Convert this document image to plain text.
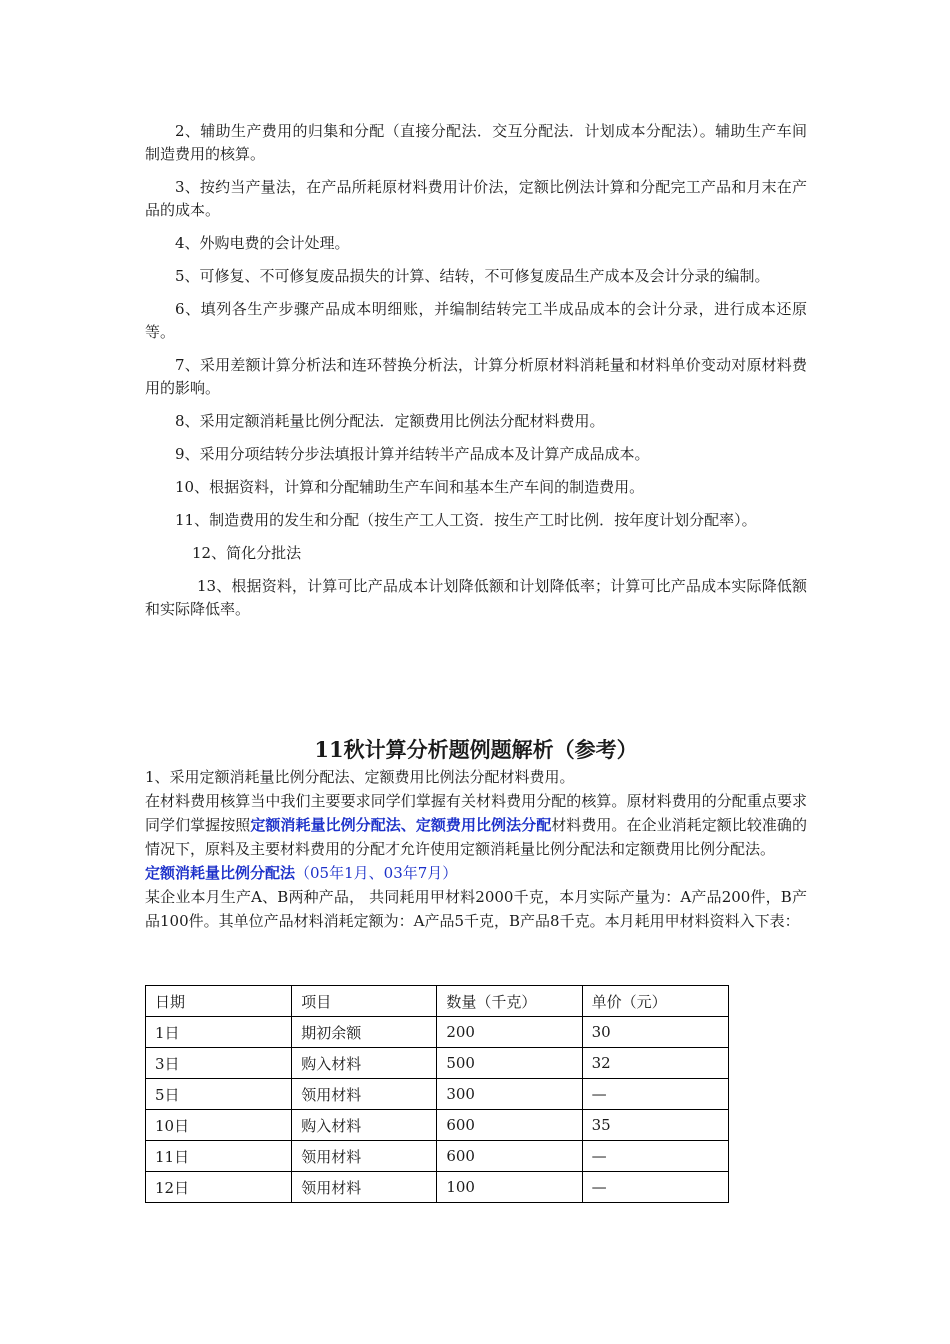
2、辅助生产费用的归集和分配（直接分配法．交互分配法．计划成本分配法）。辅助生产车间制造费用的核算。

3、按约当产量法，在产品所耗原材料费用计价法，定额比例法计算和分配完工产品和月末在产品的成本。

4、外购电费的会计处理。

5、可修复、不可修复废品损失的计算、结转，不可修复废品生产成本及会计分录的编制。

6、填列各生产步骤产品成本明细账，并编制结转完工半成品成本的会计分录，进行成本还原等。

7、采用差额计算分析法和连环替换分析法，计算分析原材料消耗量和材料单价变动对原材料费用的影响。

8、采用定额消耗量比例分配法．定额费用比例法分配材料费用。

9、采用分项结转分步法填报计算并结转半产品成本及计算产成品成本。

10、根据资料，计算和分配辅助生产车间和基本生产车间的制造费用。

11、制造费用的发生和分配（按生产工人工资．按生产工时比例．按年度计划分配率）。

12、简化分批法

13、根据资料，计算可比产品成本计划降低额和计划降低率；计算可比产品成本实际降低额和实际降低率。

11秋计算分析题例题解析（参考）

1、采用定额消耗量比例分配法、定额费用比例法分配材料费用。

在材料费用核算当中我们主要要求同学们掌握有关材料费用分配的核算。原材料费用的分配重点要求同学们掌握按照定额消耗量比例分配法、定额费用比例法分配材料费用。在企业消耗定额比较准确的情况下，原料及主要材料费用的分配才允许使用定额消耗量比例分配法和定额费用比例分配法。

定额消耗量比例分配法（05年1月、03年7月）

某企业本月生产A、B两种产品， 共同耗用甲材料2000千克，本月实际产量为：A产品200件，B产品100件。其单位产品材料消耗定额为：A产品5千克，B产品8千克。本月耗用甲材料资料入下表：

日期	项目	数量（千克）	单价（元）
1日	期初余额	200	30
3日	购入材料	500	32
5日	领用材料	300	—
10日	购入材料	600	35
11日	领用材料	600	—
12日	领用材料	100	—
